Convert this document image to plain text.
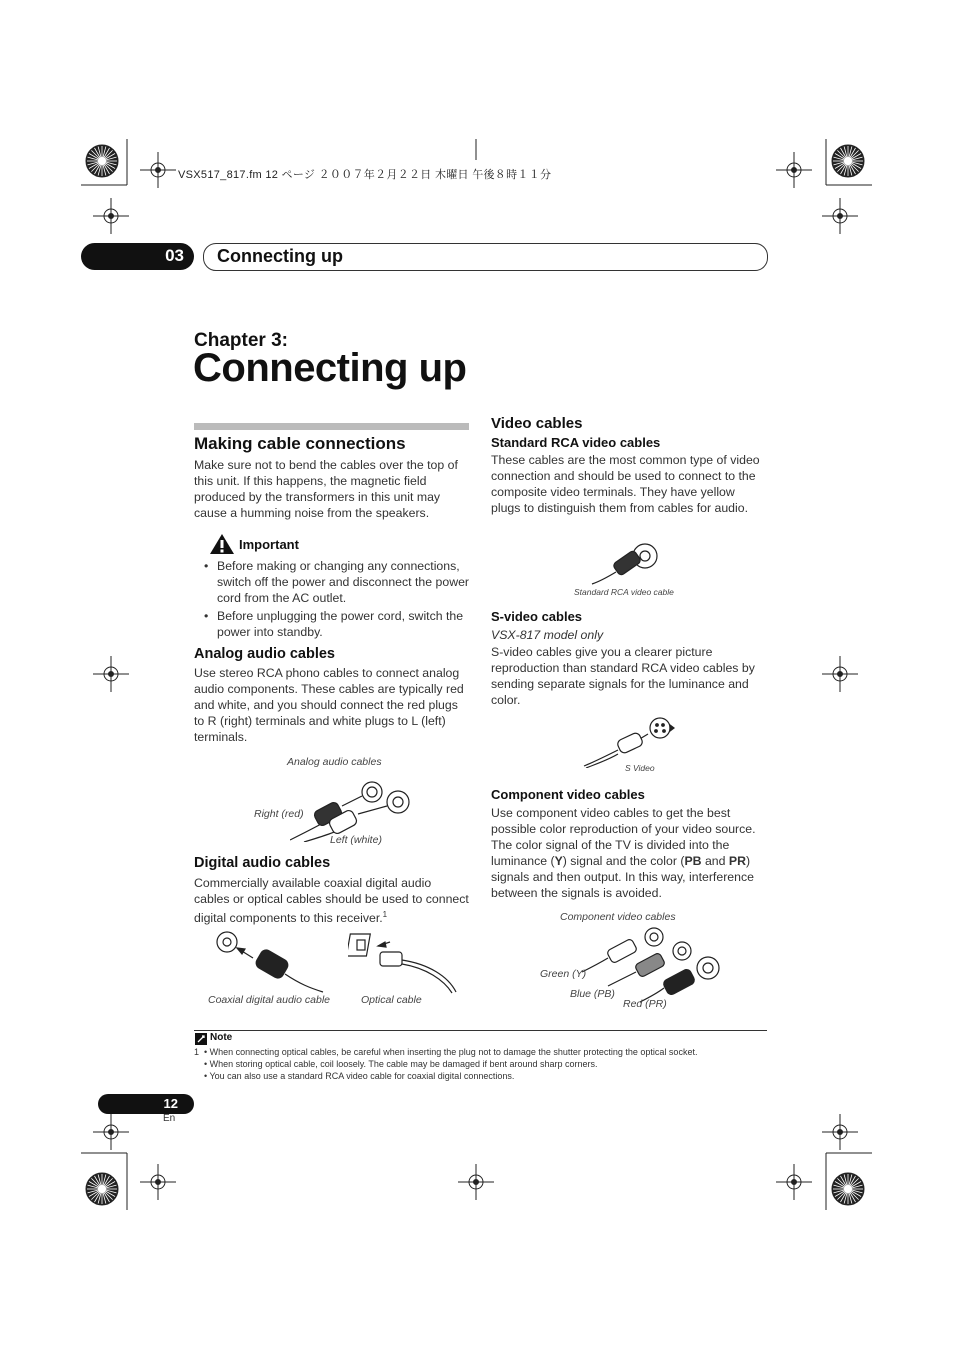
VSX517_817.fm 12 ページ ２００７年２月２２日 木曜日 午後８時１１分
03 Connecting up
Chapter 3:
Connecting up
Making cable connections

Make sure not to bend the cables over the top of this unit. If this happens, the magnetic field produced by the transformers in this unit may cause a humming noise from the speakers.

Important
• Before making or changing any connections, switch off the power and disconnect the power cord from the AC outlet.
• Before unplugging the power cord, switch the power into standby.
Analog audio cables

Use stereo RCA phono cables to connect analog audio components. These cables are typically red and white, and you should connect the red plugs to R (right) terminals and white plugs to L (left) terminals.

Analog audio cables
Right (red)
Left (white)
Digital audio cables

Commercially available coaxial digital audio cables or optical cables should be used to connect digital components to this receiver.$^1$

Coaxial digital audio cable	Optical cable
Video cables
Standard RCA video cables

These cables are the most common type of video connection and should be used to connect to the composite video terminals. They have yellow plugs to distinguish them from cables for audio.

Standard RCA video cable
S-video cables

VSX-817 model only

S-video cables give you a clearer picture reproduction than standard RCA video cables by sending separate signals for the luminance and color.

S Video
Component video cables

Use component video cables to get the best possible color reproduction of your video source. The color signal of the TV is divided into the luminance (Y) signal and the color (PB and PR) signals and then output. In this way, interference between the signals is avoided.

Component video cables
Green (Y)
Blue (PB)
Red (PR)
Note
1 • When connecting optical cables, be careful when inserting the plug not to damage the shutter protecting the optical socket.
• When storing optical cable, coil loosely. The cable may be damaged if bent around sharp corners.
• You can also use a standard RCA video cable for coaxial digital connections.
12
En
